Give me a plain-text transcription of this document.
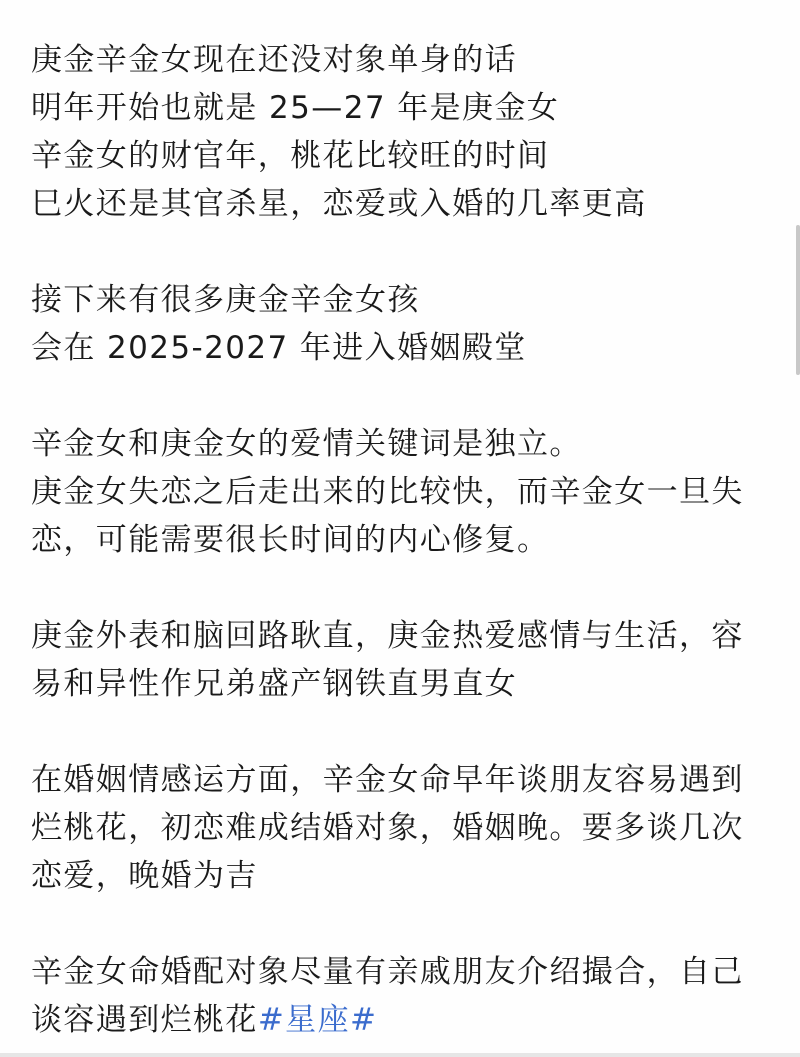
庚金辛金女现在还没对象单身的话
明年开始也就是 25—27 年是庚金女
辛金女的财官年，桃花比较旺的时间
巳火还是其官杀星，恋爱或入婚的几率更高
接下来有很多庚金辛金女孩
会在 2025-2027 年进入婚姻殿堂
辛金女和庚金女的爱情关键词是独立。
庚金女失恋之后走出来的比较快，而辛金女一旦失
恋，可能需要很长时间的内心修复。
庚金外表和脑回路耿直，庚金热爱感情与生活，容
易和异性作兄弟盛产钢铁直男直女
在婚姻情感运方面，辛金女命早年谈朋友容易遇到
烂桃花，初恋难成结婚对象，婚姻晚。要多谈几次
恋爱，晚婚为吉
辛金女命婚配对象尽量有亲戚朋友介绍撮合，自己
谈容遇到烂桃花#星座#
